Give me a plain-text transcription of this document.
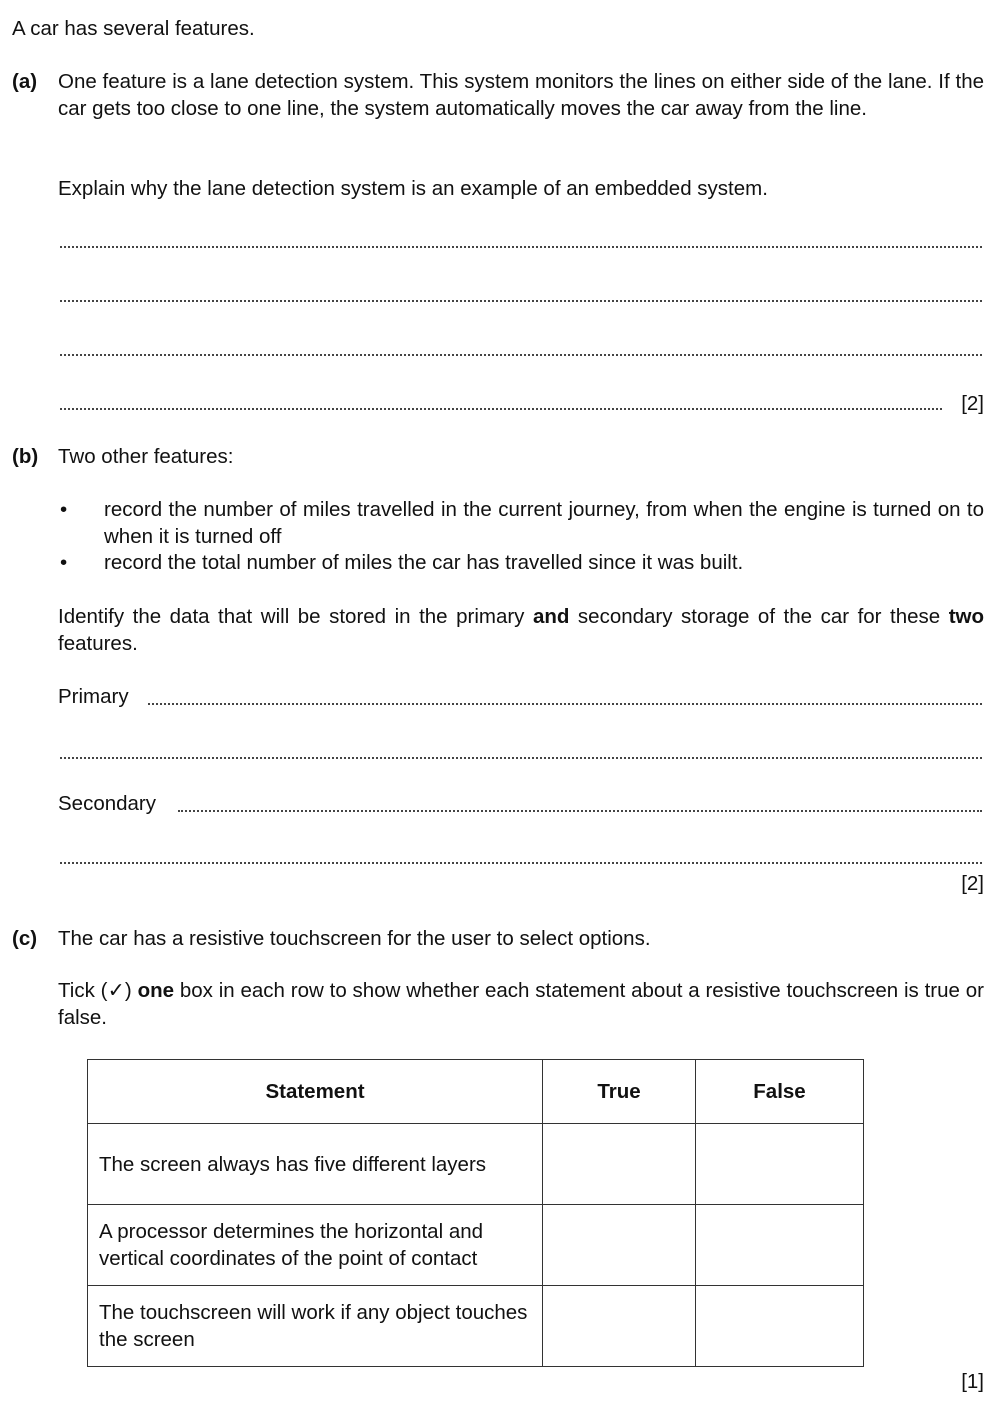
A car has several features.
(a) One feature is a lane detection system. This system monitors the lines on either side of the lane. If the car gets too close to one line, the system automatically moves the car away from the line.
Explain why the lane detection system is an example of an embedded system.
[2]
(b) Two other features:
• record the number of miles travelled in the current journey, from when the engine is turned on to when it is turned off
• record the total number of miles the car has travelled since it was built.
Identify the data that will be stored in the primary and secondary storage of the car for these two features.
Primary
Secondary
[2]
(c) The car has a resistive touchscreen for the user to select options.
Tick (✓) one box in each row to show whether each statement about a resistive touchscreen is true or false.
Statement	True	False
The screen always has five different layers		
A processor determines the horizontal and vertical coordinates of the point of contact		
The touchscreen will work if any object touches the screen		
[1]
